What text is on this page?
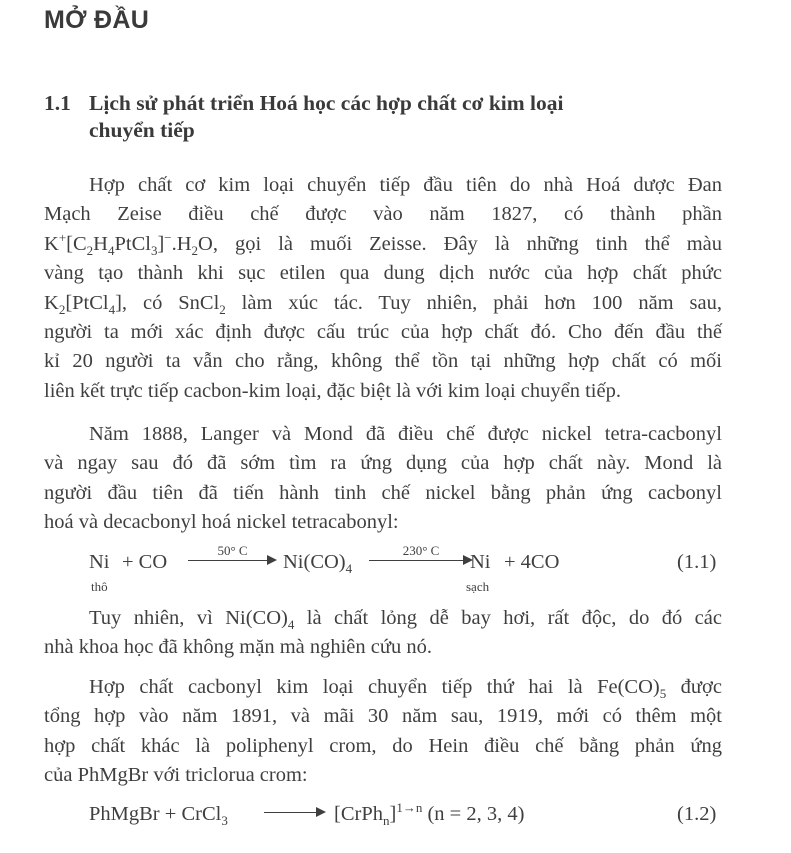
MỞ ĐẦU
1.1 Lịch sử phát triển Hoá học các hợp chất cơ kim loại
chuyển tiếp
Hợp chất cơ kim loại chuyển tiếp đầu tiên do nhà Hoá dược Đan
Mạch Zeise điều chế được vào năm 1827, có thành phần
$K^+[C_2H_4PtCl_3]^-.H_2O$, gọi là muối Zeisse. Đây là những tinh thể màu
vàng tạo thành khi sục etilen qua dung dịch nước của hợp chất phức
$K_2[PtCl_4]$, có SnCl$_2$ làm xúc tác. Tuy nhiên, phải hơn 100 năm sau,
người ta mới xác định được cấu trúc của hợp chất đó. Cho đến đầu thế
kỉ 20 người ta vẫn cho rằng, không thể tồn tại những hợp chất có mối
liên kết trực tiếp cacbon-kim loại, đặc biệt là với kim loại chuyển tiếp.
Năm 1888, Langer và Mond đã điều chế được nickel tetra-cacbonyl
và ngay sau đó đã sớm tìm ra ứng dụng của hợp chất này. Mond là
người đầu tiên đã tiến hành tinh chế nickel bằng phản ứng cacbonyl
hoá và decacbonyl hoá nickel tetracabonyl:
Ni
thô
+ CO
50° C
$Ni(CO)_4$
230° C
Ni
sạch
+ 4CO	(1.1)
Tuy nhiên, vì $Ni(CO)_4$ là chất lỏng dễ bay hơi, rất độc, do đó các
nhà khoa học đã không mặn mà nghiên cứu nó.
Hợp chất cacbonyl kim loại chuyển tiếp thứ hai là $Fe(CO)_5$ được
tổng hợp vào năm 1891, và mãi 30 năm sau, 1919, mới có thêm một
hợp chất khác là poliphenyl crom, do Hein điều chế bằng phản ứng
của PhMgBr với triclorua crom:
PhMgBr + CrCl$_3$	[CrPh$_n$]$^{1\to n}$ (n = 2, 3, 4)	(1.2)
